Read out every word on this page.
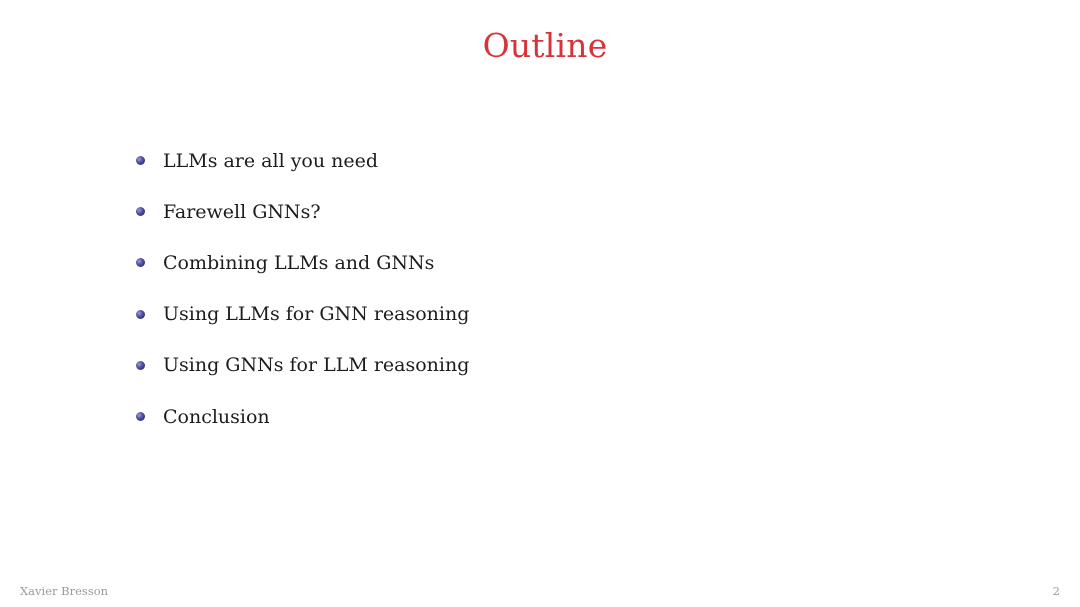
Outline
LLMs are all you need
Farewell GNNs?
Combining LLMs and GNNs
Using LLMs for GNN reasoning
Using GNNs for LLM reasoning
Conclusion
Xavier Bresson	2
